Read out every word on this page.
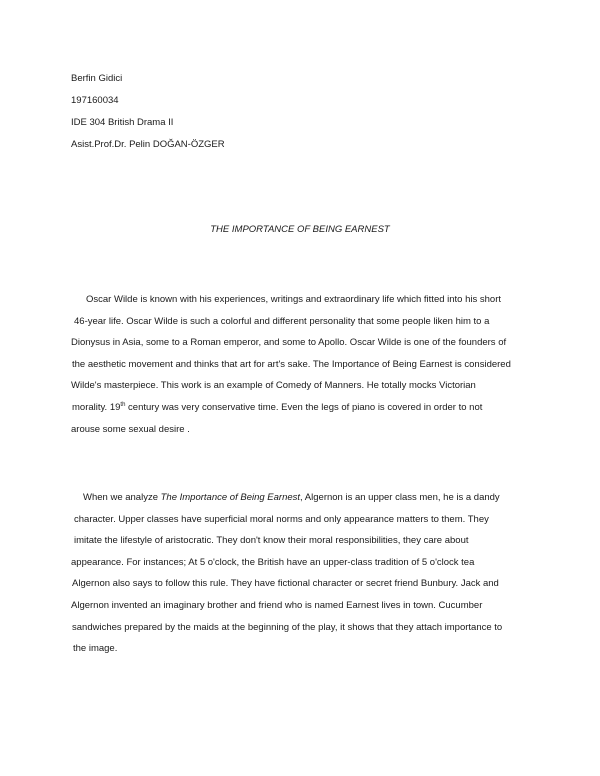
Berfin Gidici
197160034
IDE 304 British Drama II
Asist.Prof.Dr. Pelin DOĞAN-ÖZGER
THE IMPORTANCE OF BEING EARNEST
Oscar Wilde is known with his experiences, writings and extraordinary life which fitted into his short
46-year life. Oscar Wilde is such a colorful and different personality that some people liken him to a
Dionysus in Asia, some to a Roman emperor, and some to Apollo. Oscar Wilde is one of the founders of
the aesthetic movement and thinks that art for art's sake. The Importance of Being Earnest is considered
Wilde's masterpiece. This work is an example of Comedy of Manners. He totally mocks Victorian
morality. 19th century was very conservative time. Even the legs of piano is covered in order to not
arouse some sexual desire .
When we analyze The Importance of Being Earnest, Algernon is an upper class men, he is a dandy
character. Upper classes have superficial moral norms and only appearance matters to them. They
imitate the lifestyle of aristocratic. They don't know their moral responsibilities, they care about
appearance. For instances; At 5 o'clock, the British have an upper-class tradition of 5 o'clock tea
Algernon also says to follow this rule. They have fictional character or secret friend Bunbury. Jack and
Algernon invented an imaginary brother and friend who is named Earnest lives in town. Cucumber
sandwiches prepared by the maids at the beginning of the play, it shows that they attach importance to
the image.
